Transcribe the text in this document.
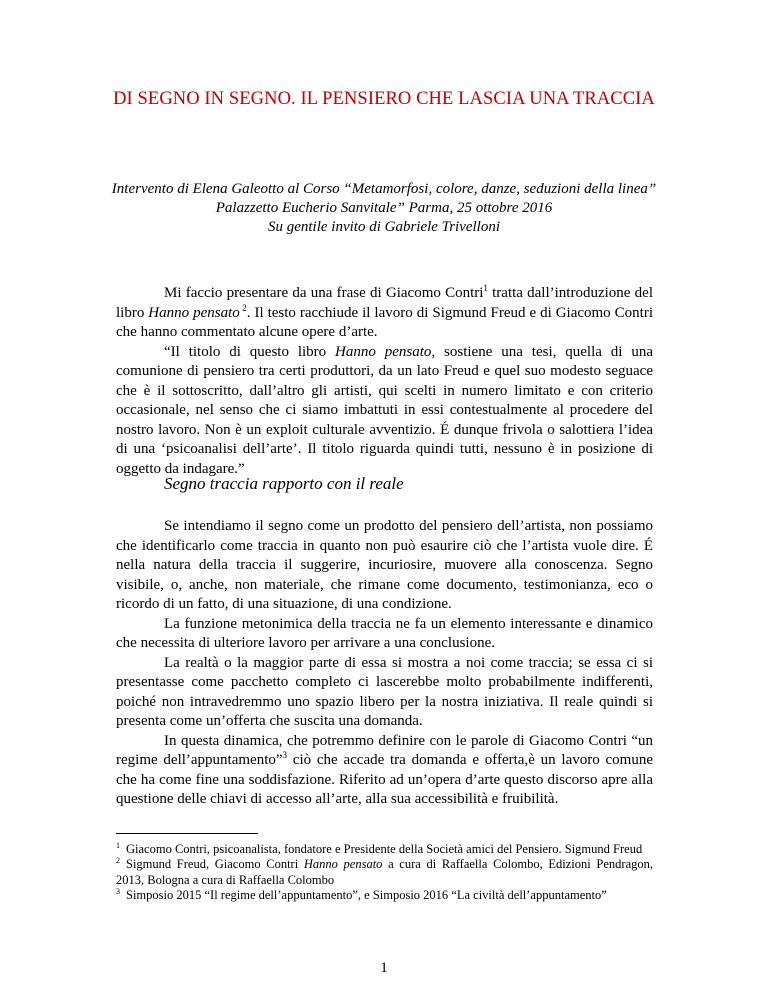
DI SEGNO IN SEGNO. IL PENSIERO CHE LASCIA UNA TRACCIA
Intervento di Elena Galeotto al Corso “Metamorfosi, colore, danze, seduzioni della linea”
Palazzetto Eucherio Sanvitale” Parma, 25 ottobre 2016
Su gentile invito di Gabriele Trivelloni

Mi faccio presentare da una frase di Giacomo Contri$^1$ tratta dall’introduzione del libro Hanno pensato $^2$. Il testo racchiude il lavoro di Sigmund Freud e di Giacomo Contri che hanno commentato alcune opere d’arte.

“Il titolo di questo libro Hanno pensato, sostiene una tesi, quella di una comunione di pensiero tra certi produttori, da un lato Freud e quel suo modesto seguace che è il sottoscritto, dall’altro gli artisti, qui scelti in numero limitato e con criterio occasionale, nel senso che ci siamo imbattuti in essi contestualmente al procedere del nostro lavoro. Non è un exploit culturale avventizio. É dunque frivola o salottiera l’idea di una ‘psicoanalisi dell’arte’. Il titolo riguarda quindi tutti, nessuno è in posizione di oggetto da indagare.”

Segno traccia rapporto con il reale

Se intendiamo il segno come un prodotto del pensiero dell’artista, non possiamo che identificarlo come traccia in quanto non può esaurire ciò che l’artista vuole dire. É nella natura della traccia il suggerire, incuriosire, muovere alla conoscenza. Segno visibile, o, anche, non materiale, che rimane come documento, testimonianza, eco o ricordo di un fatto, di una situazione, di una condizione.

La funzione metonimica della traccia ne fa un elemento interessante e dinamico che necessita di ulteriore lavoro per arrivare a una conclusione.

La realtà o la maggior parte di essa si mostra a noi come traccia; se essa ci si presentasse come pacchetto completo ci lascerebbe molto probabilmente indifferenti, poiché non intravedremmo uno spazio libero per la nostra iniziativa. Il reale quindi si presenta come un’offerta che suscita una domanda.

In questa dinamica, che potremmo definire con le parole di Giacomo Contri “un regime dell’appuntamento”$^3$ ciò che accade tra domanda e offerta,è un lavoro comune che ha come fine una soddisfazione. Riferito ad un’opera d’arte questo discorso apre alla questione delle chiavi di accesso all’arte, alla sua accessibilità e fruibilità.

$^1$ Giacomo Contri, psicoanalista, fondatore e Presidente della Società amici del Pensiero. Sigmund Freud
$^2$ Sigmund Freud, Giacomo Contri Hanno pensato a cura di Raffaella Colombo, Edizioni Pendragon, 2013, Bologna a cura di Raffaella Colombo
$^3$ Simposio 2015 “Il regime dell’appuntamento”, e Simposio 2016 “La civiltà dell’appuntamento”
1
